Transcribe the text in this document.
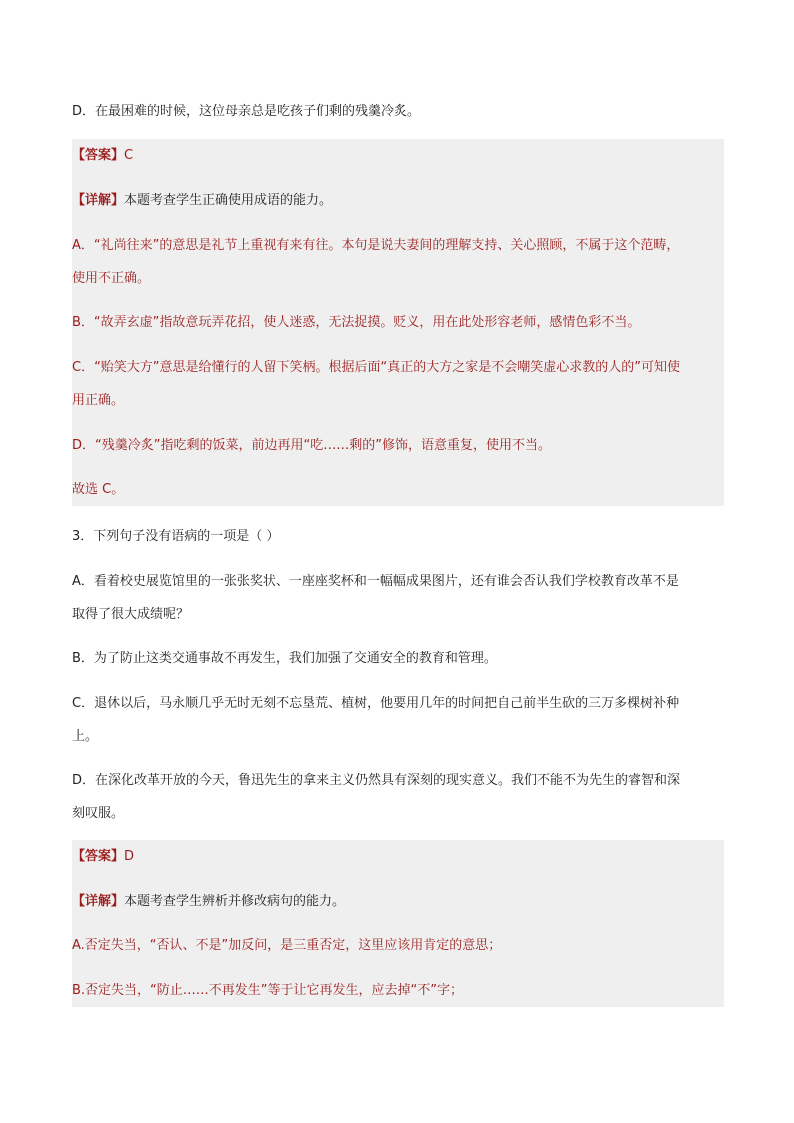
D．在最困难的时候，这位母亲总是吃孩子们剩的残羹冷炙。
【答案】C
【详解】本题考查学生正确使用成语的能力。
A．“礼尚往来”的意思是礼节上重视有来有往。本句是说夫妻间的理解支持、关心照顾，不属于这个范畴，
使用不正确。
B．“故弄玄虚”指故意玩弄花招，使人迷惑，无法捉摸。贬义，用在此处形容老师，感情色彩不当。
C．“贻笑大方”意思是给懂行的人留下笑柄。根据后面“真正的大方之家是不会嘲笑虚心求教的人的”可知使
用正确。
D．“残羹冷炙”指吃剩的饭菜，前边再用“吃……剩的”修饰，语意重复，使用不当。
故选 C。
3．下列句子没有语病的一项是（ ）
A．看着校史展览馆里的一张张奖状、一座座奖杯和一幅幅成果图片，还有谁会否认我们学校教育改革不是
取得了很大成绩呢？
B．为了防止这类交通事故不再发生，我们加强了交通安全的教育和管理。
C．退休以后，马永顺几乎无时无刻不忘垦荒、植树，他要用几年的时间把自己前半生砍的三万多棵树补种
上。
D．在深化改革开放的今天，鲁迅先生的拿来主义仍然具有深刻的现实意义。我们不能不为先生的睿智和深
刻叹服。
【答案】D
【详解】本题考查学生辨析并修改病句的能力。
A.否定失当，“否认、不是”加反问，是三重否定，这里应该用肯定的意思；
B.否定失当，“防止……不再发生”等于让它再发生，应去掉“不”字；
